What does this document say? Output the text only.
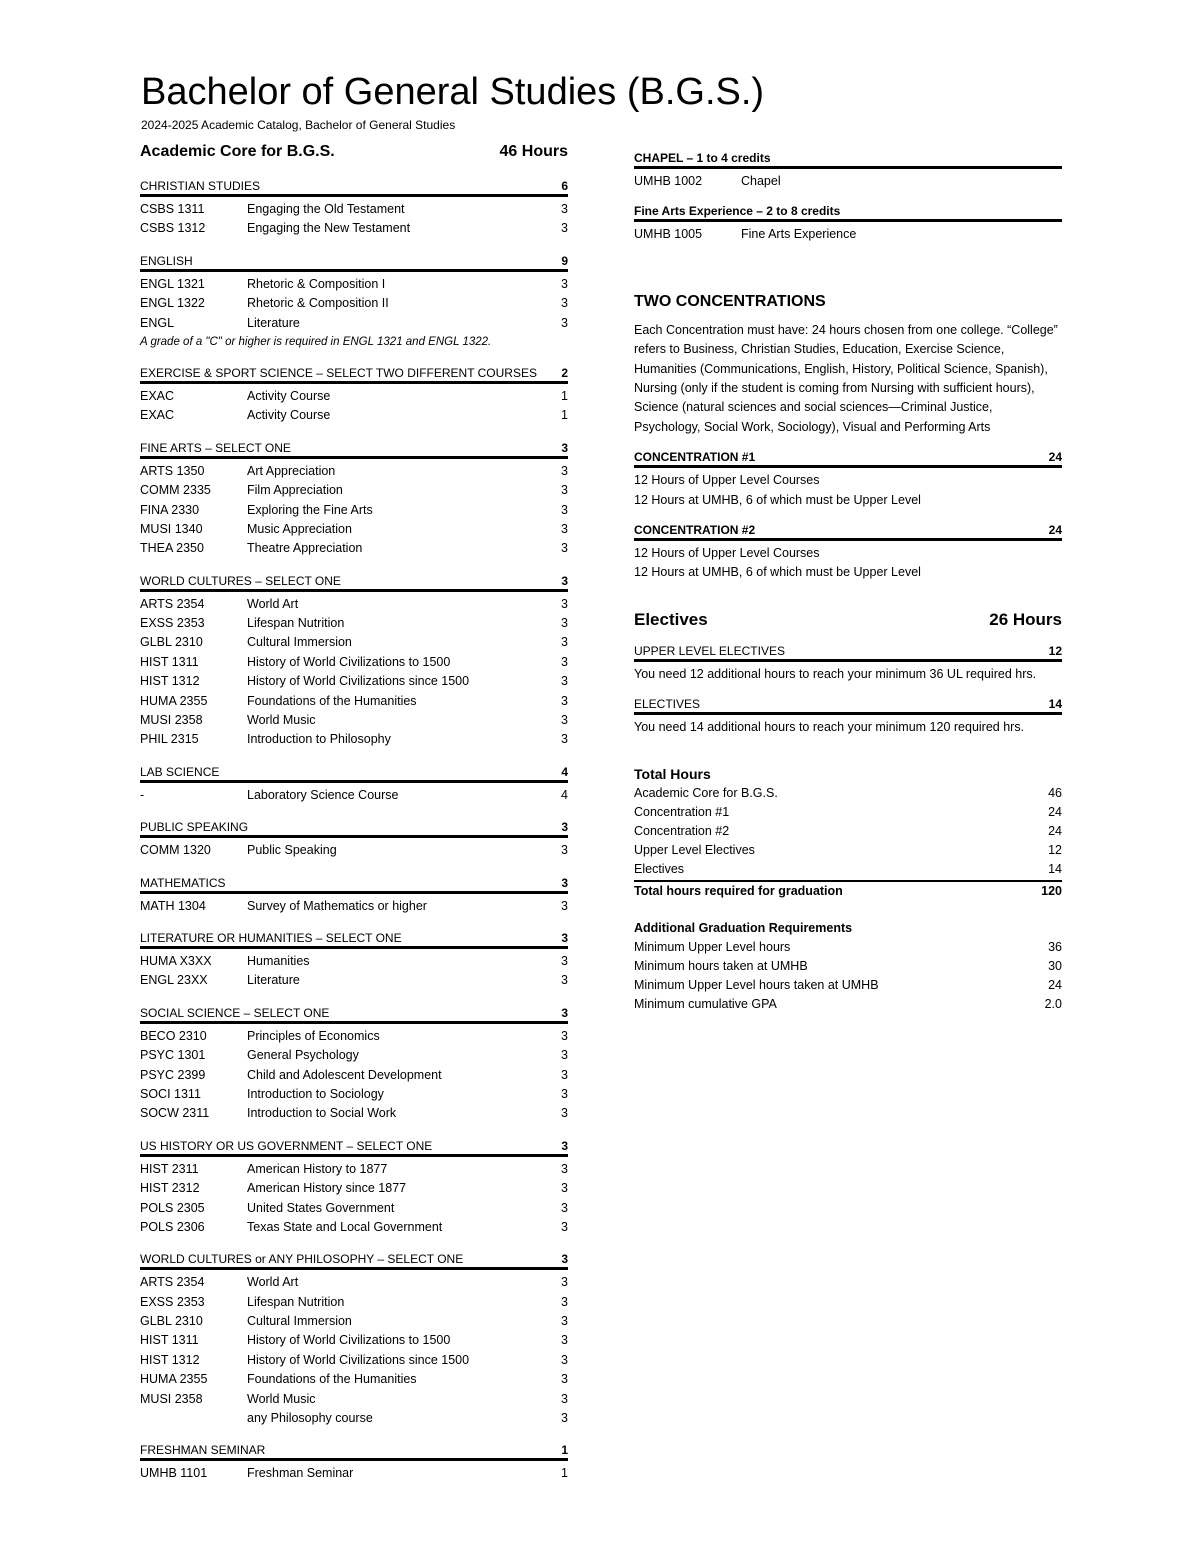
Bachelor of General Studies (B.G.S.)
2024-2025 Academic Catalog, Bachelor of General Studies
Academic Core for B.G.S.	46 Hours
CHRISTIAN STUDIES	6
CSBS 1311	Engaging the Old Testament	3
CSBS 1312	Engaging the New Testament	3
ENGLISH	9
ENGL 1321	Rhetoric & Composition I	3
ENGL 1322	Rhetoric & Composition II	3
ENGL	Literature	3
A grade of a "C" or higher is required in ENGL 1321 and ENGL 1322.
EXERCISE & SPORT SCIENCE – SELECT TWO DIFFERENT COURSES 2
EXAC	Activity Course	1
EXAC	Activity Course	1
FINE ARTS – SELECT ONE	3
ARTS 1350	Art Appreciation	3
COMM 2335	Film Appreciation	3
FINA 2330	Exploring the Fine Arts	3
MUSI 1340	Music Appreciation	3
THEA 2350	Theatre Appreciation	3
WORLD CULTURES – SELECT ONE	3
ARTS 2354	World Art	3
EXSS 2353	Lifespan Nutrition	3
GLBL 2310	Cultural Immersion	3
HIST 1311	History of World Civilizations to 1500	3
HIST 1312	History of World Civilizations since 1500	3
HUMA 2355	Foundations of the Humanities	3
MUSI 2358	World Music	3
PHIL 2315	Introduction to Philosophy	3
LAB SCIENCE	4
-	Laboratory Science Course	4
PUBLIC SPEAKING	3
COMM 1320	Public Speaking	3
MATHEMATICS	3
MATH 1304	Survey of Mathematics or higher	3
LITERATURE OR HUMANITIES – SELECT ONE	3
HUMA X3XX	Humanities	3
ENGL 23XX	Literature	3
SOCIAL SCIENCE – SELECT ONE	3
BECO 2310	Principles of Economics	3
PSYC 1301	General Psychology	3
PSYC 2399	Child and Adolescent Development	3
SOCI 1311	Introduction to Sociology	3
SOCW 2311	Introduction to Social Work	3
US HISTORY OR US GOVERNMENT – SELECT ONE	3
HIST 2311	American History to 1877	3
HIST 2312	American History since 1877	3
POLS 2305	United States Government	3
POLS 2306	Texas State and Local Government	3
WORLD CULTURES or ANY PHILOSOPHY – SELECT ONE	3
ARTS 2354	World Art	3
EXSS 2353	Lifespan Nutrition	3
GLBL 2310	Cultural Immersion	3
HIST 1311	History of World Civilizations to 1500	3
HIST 1312	History of World Civilizations since 1500	3
HUMA 2355	Foundations of the Humanities	3
MUSI 2358	World Music	3
any Philosophy course	3
FRESHMAN SEMINAR	1
UMHB 1101	Freshman Seminar	1
CHAPEL – 1 to 4 credits
UMHB 1002	Chapel
Fine Arts Experience – 2 to 8 credits
UMHB 1005	Fine Arts Experience
TWO CONCENTRATIONS
Each Concentration must have: 24 hours chosen from one college. “College” refers to Business, Christian Studies, Education, Exercise Science, Humanities (Communications, English, History, Political Science, Spanish), Nursing (only if the student is coming from Nursing with sufficient hours), Science (natural sciences and social sciences—Criminal Justice, Psychology, Social Work, Sociology), Visual and Performing Arts
CONCENTRATION #1	24
12 Hours of Upper Level Courses
12 Hours at UMHB, 6 of which must be Upper Level
CONCENTRATION #2	24
12 Hours of Upper Level Courses
12 Hours at UMHB, 6 of which must be Upper Level
Electives	26 Hours
UPPER LEVEL ELECTIVES	12
You need 12 additional hours to reach your minimum 36 UL required hrs.
ELECTIVES	14
You need 14 additional hours to reach your minimum 120 required hrs.
Total Hours
Academic Core for B.G.S.	46
Concentration #1	24
Concentration #2	24
Upper Level Electives	12
Electives	14
Total hours required for graduation	120
Additional Graduation Requirements
Minimum Upper Level hours	36
Minimum hours taken at UMHB	30
Minimum Upper Level hours taken at UMHB	24
Minimum cumulative GPA	2.0
